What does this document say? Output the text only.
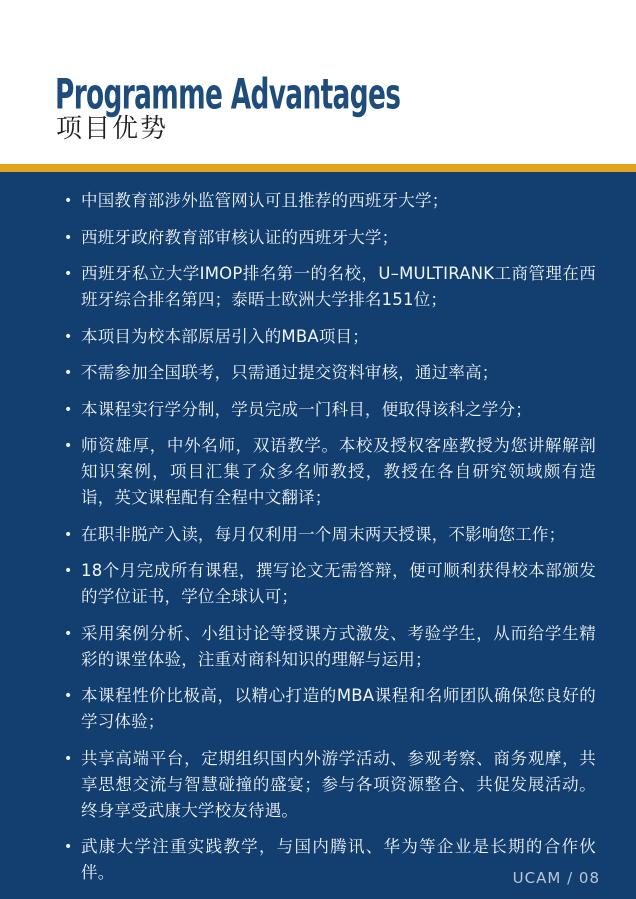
Programme Advantages
项目优势
• 中国教育部涉外监管网认可且推荐的西班牙大学；
• 西班牙政府教育部审核认证的西班牙大学；
• 西班牙私立大学IMOP排名第一的名校，U–MULTIRANK工商管理在西班牙综合排名第四；泰晤士欧洲大学排名151位；
• 本项目为校本部原居引入的MBA项目；
• 不需参加全国联考，只需通过提交资料审核，通过率高；
• 本课程实行学分制，学员完成一门科目，便取得该科之学分；
• 师资雄厚，中外名师，双语教学。本校及授权客座教授为您讲解解剖知识案例，项目汇集了众多名师教授，教授在各自研究领域颇有造诣，英文课程配有全程中文翻译；
• 在职非脱产入读，每月仅利用一个周末两天授课，不影响您工作；
• 18个月完成所有课程，撰写论文无需答辩，便可顺利获得校本部颁发的学位证书，学位全球认可；
• 采用案例分析、小组讨论等授课方式激发、考验学生，从而给学生精彩的课堂体验，注重对商科知识的理解与运用；
• 本课程性价比极高，以精心打造的MBA课程和名师团队确保您良好的学习体验；
• 共享高端平台，定期组织国内外游学活动、参观考察、商务观摩，共享思想交流与智慧碰撞的盛宴；参与各项资源整合、共促发展活动。终身享受武康大学校友待遇。
• 武康大学注重实践教学，与国内腾讯、华为等企业是长期的合作伙伴。	UCAM / 08
